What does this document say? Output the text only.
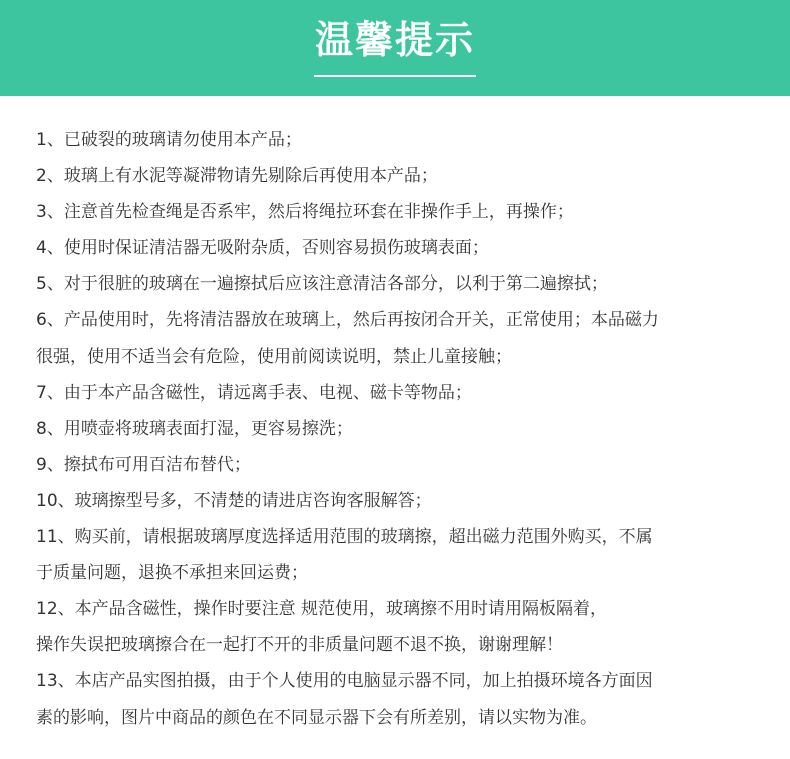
温馨提示
1、已破裂的玻璃请勿使用本产品；
2、玻璃上有水泥等凝滞物请先剔除后再使用本产品；
3、注意首先检查绳是否系牢，然后将绳拉环套在非操作手上，再操作；
4、使用时保证清洁器无吸附杂质，否则容易损伤玻璃表面；
5、对于很脏的玻璃在一遍擦拭后应该注意清洁各部分，以利于第二遍擦拭；
6、产品使用时，先将清洁器放在玻璃上，然后再按闭合开关，正常使用；本品磁力
很强，使用不适当会有危险，使用前阅读说明，禁止儿童接触；
7、由于本产品含磁性，请远离手表、电视、磁卡等物品；
8、用喷壶将玻璃表面打湿，更容易擦洗；
9、擦拭布可用百洁布替代；
10、玻璃擦型号多，不清楚的请进店咨询客服解答；
11、购买前，请根据玻璃厚度选择适用范围的玻璃擦，超出磁力范围外购买，不属
于质量问题，退换不承担来回运费；
12、本产品含磁性，操作时要注意 规范使用，玻璃擦不用时请用隔板隔着，
操作失误把玻璃擦合在一起打不开的非质量问题不退不换，谢谢理解！
13、本店产品实图拍摄，由于个人使用的电脑显示器不同，加上拍摄环境各方面因
素的影响，图片中商品的颜色在不同显示器下会有所差别，请以实物为准。
